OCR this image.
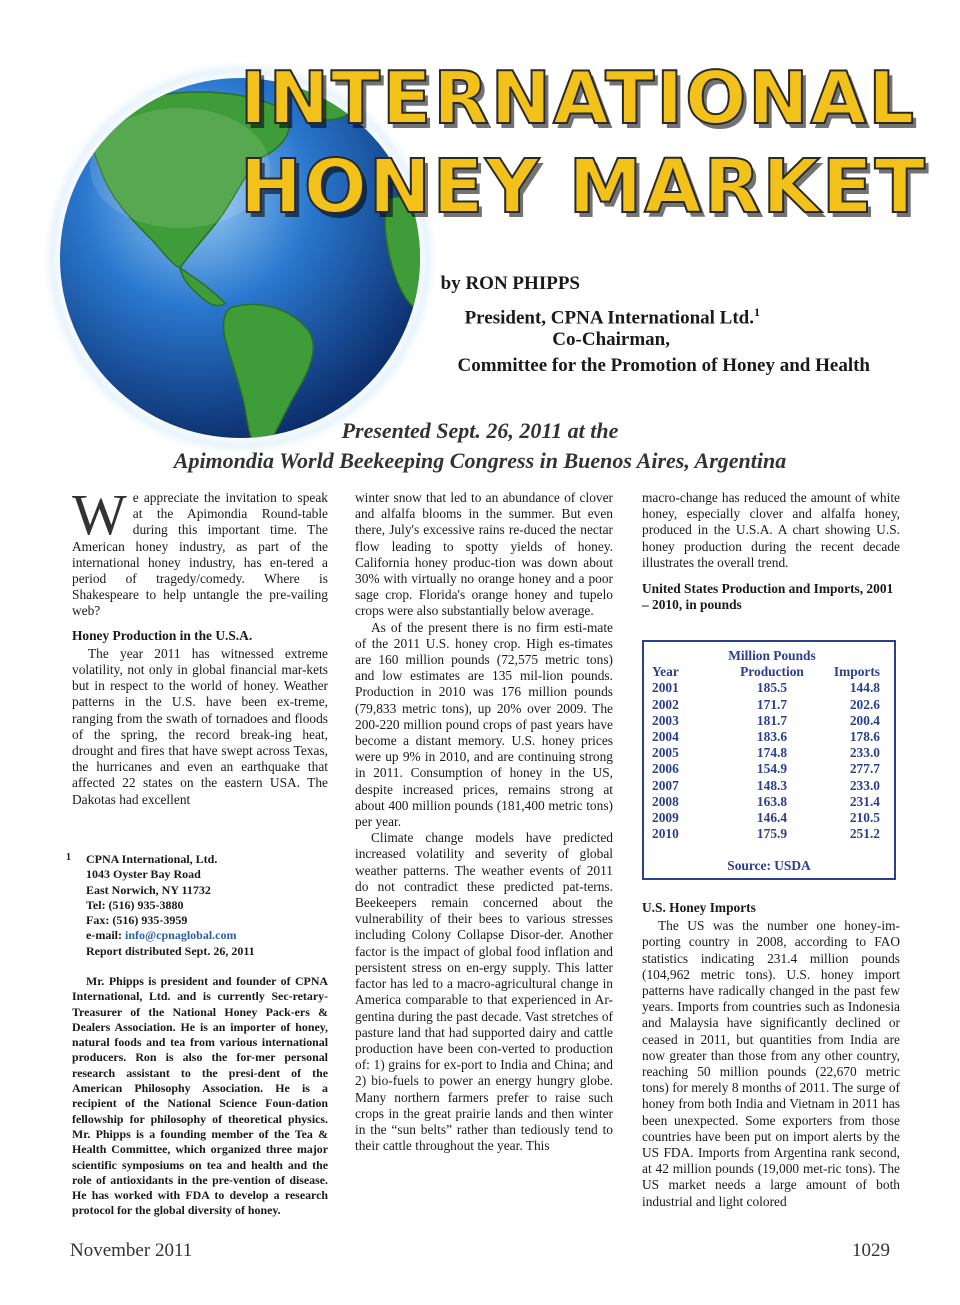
INTERNATIONAL
HONEY MARKET
by RON PHIPPS
President, CPNA International Ltd.$^1$
Co-Chairman,
Committee for the Promotion of Honey and Health
Presented Sept. 26, 2011 at the
Apimondia World Beekeeping Congress in Buenos Aires, Argentina

We appreciate the invitation to speak at the Apimondia Round-table during this important time. The American honey industry, as part of the international honey industry, has en-tered a period of tragedy/comedy. Where is Shakespeare to help untangle the pre-vailing web?

Honey Production in the U.S.A.

The year 2011 has witnessed extreme volatility, not only in global financial mar-kets but in respect to the world of honey. Weather patterns in the U.S. have been ex-treme, ranging from the swath of tornadoes and floods of the spring, the record break-ing heat, drought and fires that have swept across Texas, the hurricanes and even an earthquake that affected 22 states on the eastern USA. The Dakotas had excellent

1 CPNA International, Ltd.
1043 Oyster Bay Road
East Norwich, NY 11732
Tel: (516) 935-3880
Fax: (516) 935-3959
e-mail: info@cpnaglobal.com
Report distributed Sept. 26, 2011

Mr. Phipps is president and founder of CPNA International, Ltd. and is currently Sec-retary-Treasurer of the National Honey Pack-ers & Dealers Association. He is an importer of honey, natural foods and tea from various international producers. Ron is also the for-mer personal research assistant to the presi-dent of the American Philosophy Association. He is a recipient of the National Science Foun-dation fellowship for philosophy of theoretical physics. Mr. Phipps is a founding member of the Tea & Health Committee, which organized three major scientific symposiums on tea and health and the role of antioxidants in the pre-vention of disease. He has worked with FDA to develop a research protocol for the global diversity of honey.

winter snow that led to an abundance of clover and alfalfa blooms in the summer. But even there, July's excessive rains re-duced the nectar flow leading to spotty yields of honey. California honey produc-tion was down about 30% with virtually no orange honey and a poor sage crop. Florida's orange honey and tupelo crops were also substantially below average.

As of the present there is no firm esti-mate of the 2011 U.S. honey crop. High es-timates are 160 million pounds (72,575 metric tons) and low estimates are 135 mil-lion pounds. Production in 2010 was 176 million pounds (79,833 metric tons), up 20% over 2009. The 200-220 million pound crops of past years have become a distant memory. U.S. honey prices were up 9% in 2010, and are continuing strong in 2011. Consumption of honey in the US, despite increased prices, remains strong at about 400 million pounds (181,400 metric tons) per year.

Climate change models have predicted increased volatility and severity of global weather patterns. The weather events of 2011 do not contradict these predicted pat-terns. Beekeepers remain concerned about the vulnerability of their bees to various stresses including Colony Collapse Disor-der. Another factor is the impact of global food inflation and persistent stress on en-ergy supply. This latter factor has led to a macro-agricultural change in America comparable to that experienced in Ar-gentina during the past decade. Vast stretches of pasture land that had supported dairy and cattle production have been con-verted to production of: 1) grains for ex-port to India and China; and 2) bio-fuels to power an energy hungry globe. Many northern farmers prefer to raise such crops in the great prairie lands and then winter in the “sun belts” rather than tediously tend to their cattle throughout the year. This

macro-change has reduced the amount of white honey, especially clover and alfalfa honey, produced in the U.S.A. A chart showing U.S. honey production during the recent decade illustrates the overall trend.

United States Production and Imports, 2001 – 2010, in pounds
	Million Pounds	
Year	Production	Imports
2001	185.5	144.8
2002	171.7	202.6
2003	181.7	200.4
2004	183.6	178.6
2005	174.8	233.0
2006	154.9	277.7
2007	148.3	233.0
2008	163.8	231.4
2009	146.4	210.5
2010	175.9	251.2
Source: USDA
U.S. Honey Imports

The US was the number one honey-im-porting country in 2008, according to FAO statistics indicating 231.4 million pounds (104,962 metric tons). U.S. honey import patterns have radically changed in the past few years. Imports from countries such as Indonesia and Malaysia have significantly declined or ceased in 2011, but quantities from India are now greater than those from any other country, reaching 50 million pounds (22,670 metric tons) for merely 8 months of 2011. The surge of honey from both India and Vietnam in 2011 has been unexpected. Some exporters from those countries have been put on import alerts by the US FDA. Imports from Argentina rank second, at 42 million pounds (19,000 met-ric tons). The US market needs a large amount of both industrial and light colored

November 2011	1029
